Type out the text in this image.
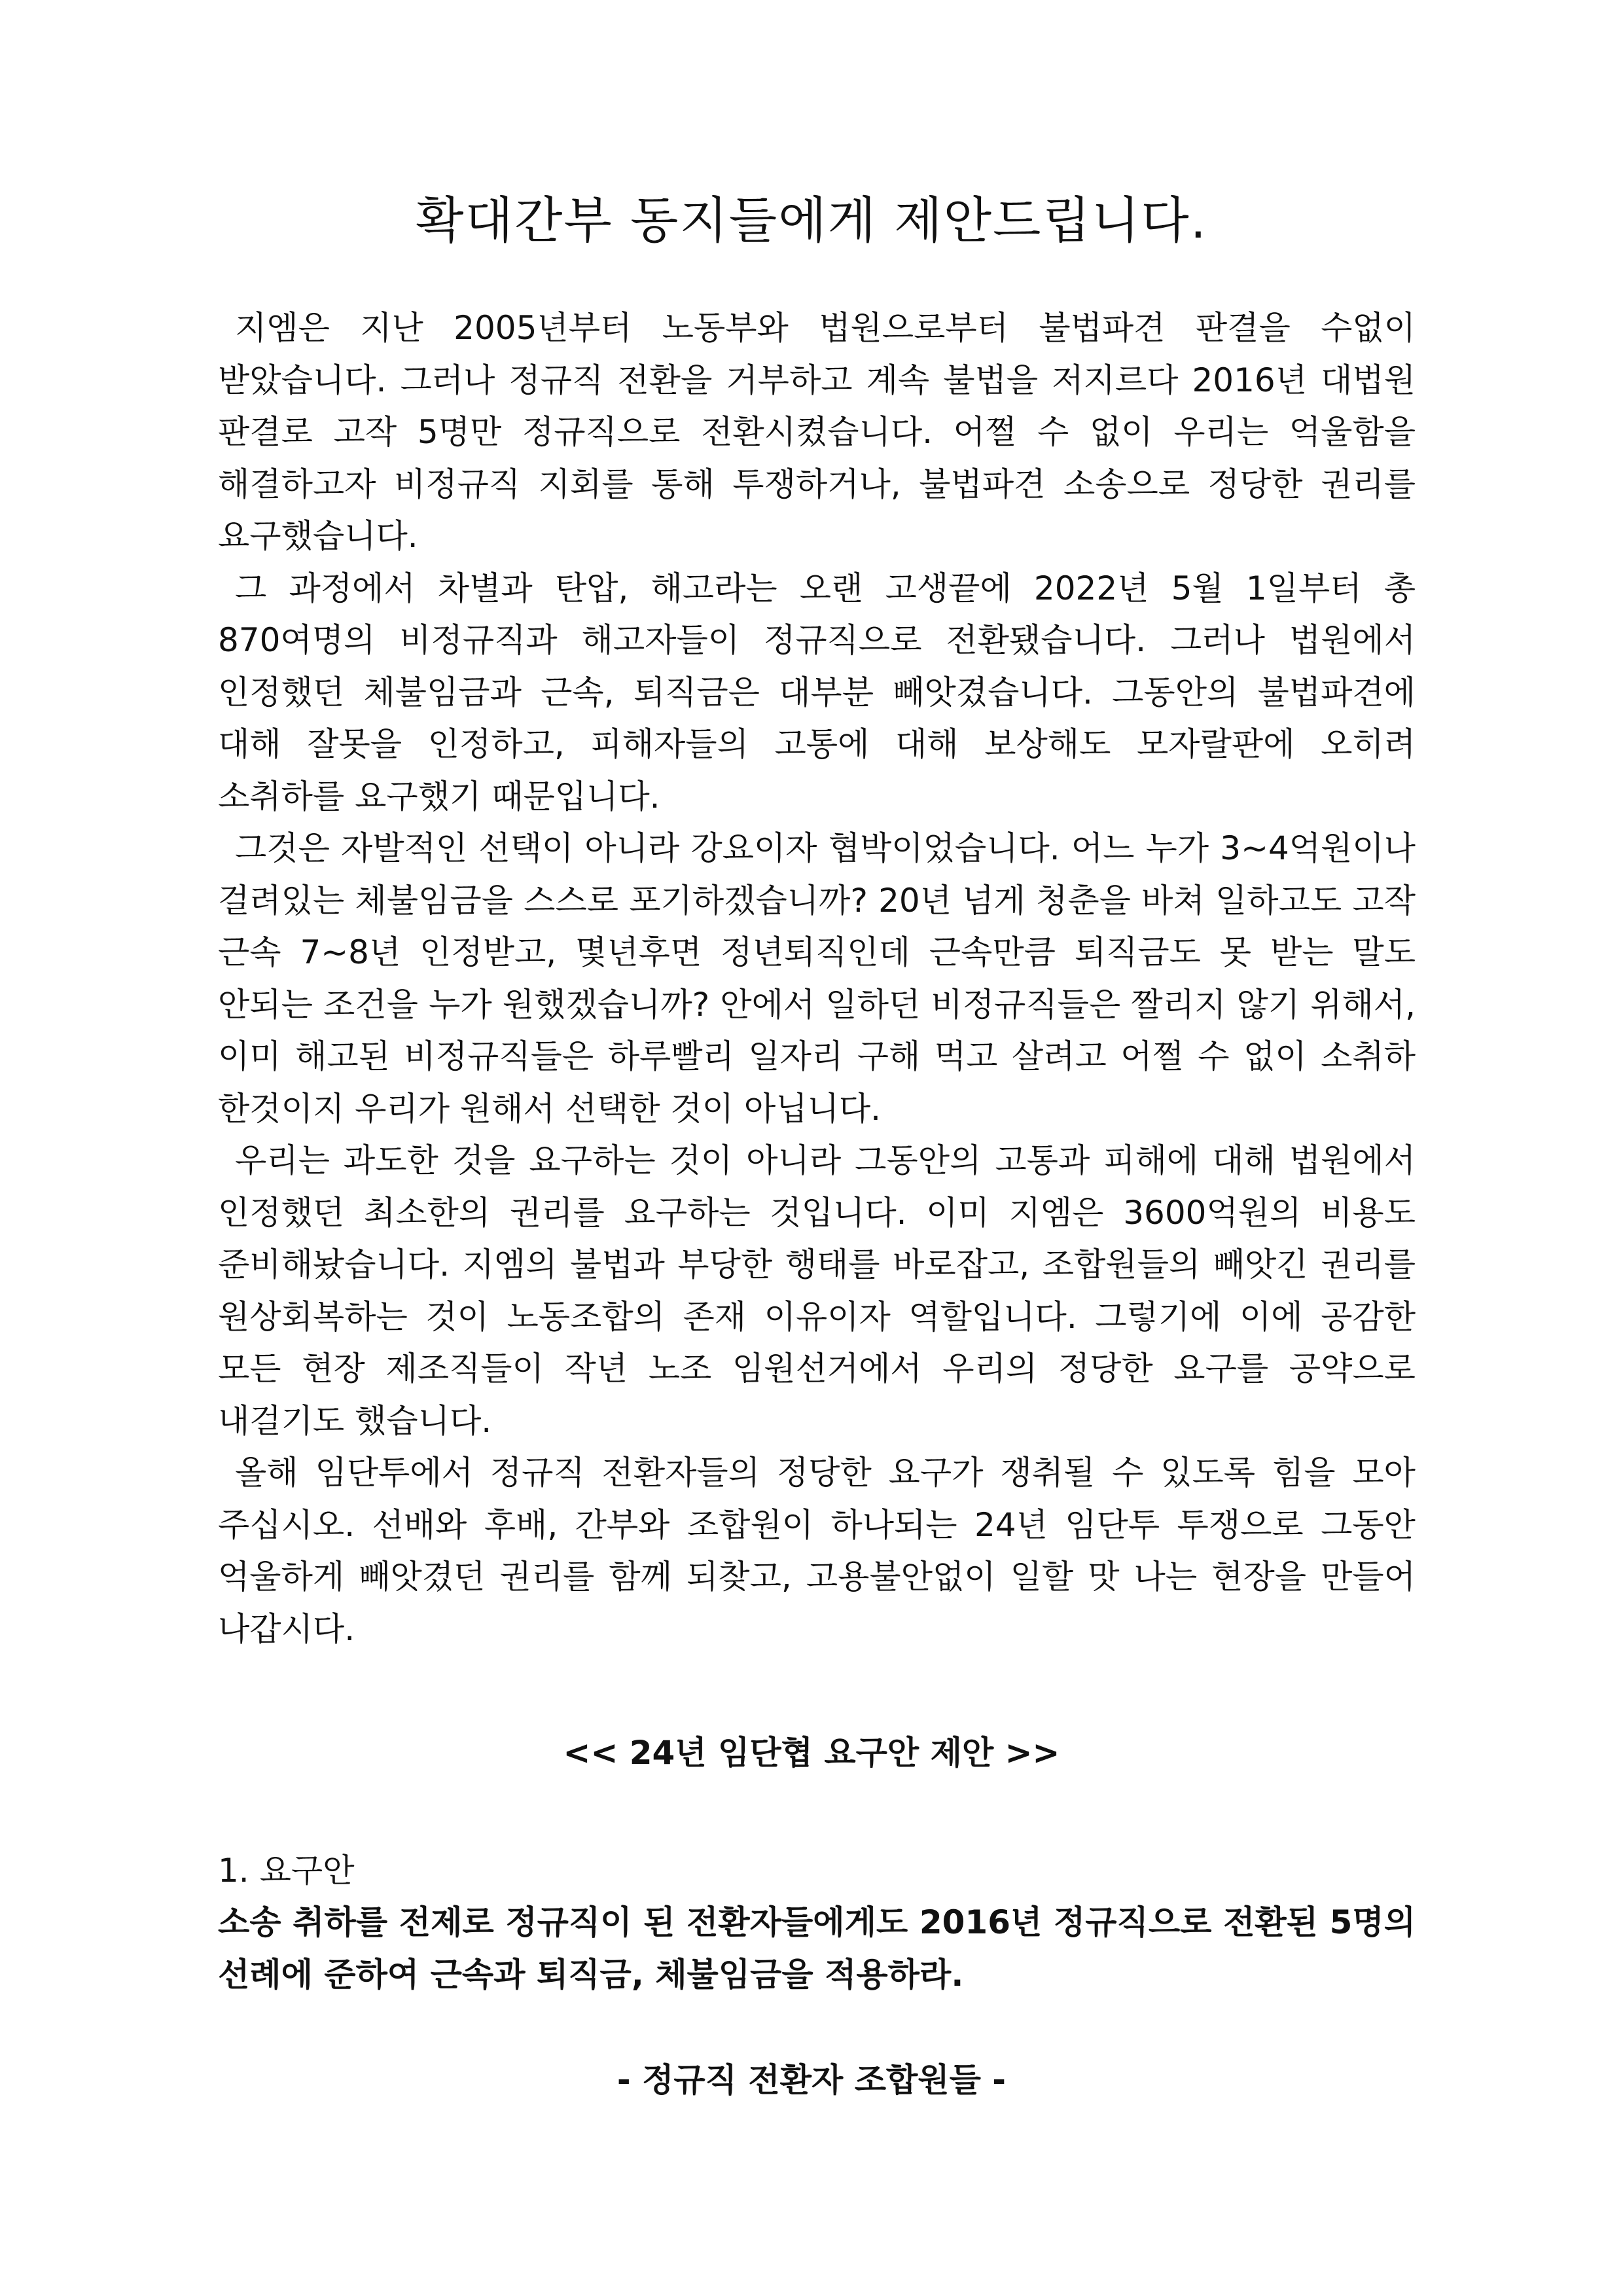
확대간부 동지들에게 제안드립니다.

지엠은 지난 2005년부터 노동부와 법원으로부터 불법파견 판결을 수없이 받았습니다. 그러나 정규직 전환을 거부하고 계속 불법을 저지르다 2016년 대법원 판결로 고작 5명만 정규직으로 전환시켰습니다. 어쩔 수 없이 우리는 억울함을 해결하고자 비정규직 지회를 통해 투쟁하거나, 불법파견 소송으로 정당한 권리를 요구했습니다.

그 과정에서 차별과 탄압, 해고라는 오랜 고생끝에 2022년 5월 1일부터 총 870여명의 비정규직과 해고자들이 정규직으로 전환됐습니다. 그러나 법원에서 인정했던 체불임금과 근속, 퇴직금은 대부분 빼앗겼습니다. 그동안의 불법파견에 대해 잘못을 인정하고, 피해자들의 고통에 대해 보상해도 모자랄판에 오히려 소취하를 요구했기 때문입니다.

그것은 자발적인 선택이 아니라 강요이자 협박이었습니다. 어느 누가 3~4억원이나 걸려있는 체불임금을 스스로 포기하겠습니까? 20년 넘게 청춘을 바쳐 일하고도 고작 근속 7~8년 인정받고, 몇년후면 정년퇴직인데 근속만큼 퇴직금도 못 받는 말도 안되는 조건을 누가 원했겠습니까? 안에서 일하던 비정규직들은 짤리지 않기 위해서, 이미 해고된 비정규직들은 하루빨리 일자리 구해 먹고 살려고 어쩔 수 없이 소취하 한것이지 우리가 원해서 선택한 것이 아닙니다.

우리는 과도한 것을 요구하는 것이 아니라 그동안의 고통과 피해에 대해 법원에서 인정했던 최소한의 권리를 요구하는 것입니다. 이미 지엠은 3600억원의 비용도 준비해놨습니다. 지엠의 불법과 부당한 행태를 바로잡고, 조합원들의 빼앗긴 권리를 원상회복하는 것이 노동조합의 존재 이유이자 역할입니다. 그렇기에 이에 공감한 모든 현장 제조직들이 작년 노조 임원선거에서 우리의 정당한 요구를 공약으로 내걸기도 했습니다.

올해 임단투에서 정규직 전환자들의 정당한 요구가 쟁취될 수 있도록 힘을 모아 주십시오. 선배와 후배, 간부와 조합원이 하나되는 24년 임단투 투쟁으로 그동안 억울하게 빼앗겼던 권리를 함께 되찾고, 고용불안없이 일할 맛 나는 현장을 만들어 나갑시다.

<< 24년 임단협 요구안 제안 >>

1. 요구안

소송 취하를 전제로 정규직이 된 전환자들에게도 2016년 정규직으로 전환된 5명의 선례에 준하여 근속과 퇴직금, 체불임금을 적용하라.

- 정규직 전환자 조합원들 -
